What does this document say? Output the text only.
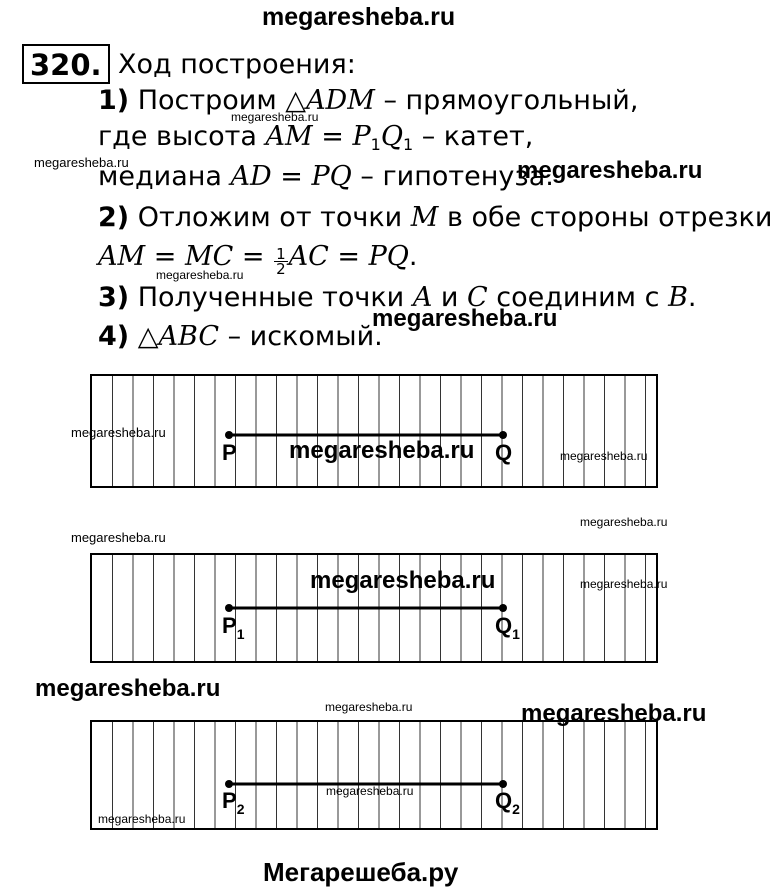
megaresheba.ru
320. Ход построения:
1) Построим △ADM – прямоугольный,
где высота AM = $P_1Q_1$ – катет,
медиана AD = PQ – гипотенуза.
2) Отложим от точки M в обе стороны отрезки
AM = MC = $\frac{1}{2}$ AC = PQ.
3) Полученные точки A и C соединим с B.
4) △ABC – искомый.
P	Q
$P_1$	$Q_1$
$P_2$	$Q_2$
megaresheba.ru	megaresheba.ru
megaresheba.ru
megaresheba.ru
megaresheba.ru
megaresheba.ru
megaresheba.ru	megaresheba.ru
megaresheba.ru
megaresheba.ru
megaresheba.ru	megaresheba.ru
megaresheba.ru
megaresheba.ru	megaresheba.ru
megaresheba.ru
megaresheba.ru
Мегарешеба.ру
